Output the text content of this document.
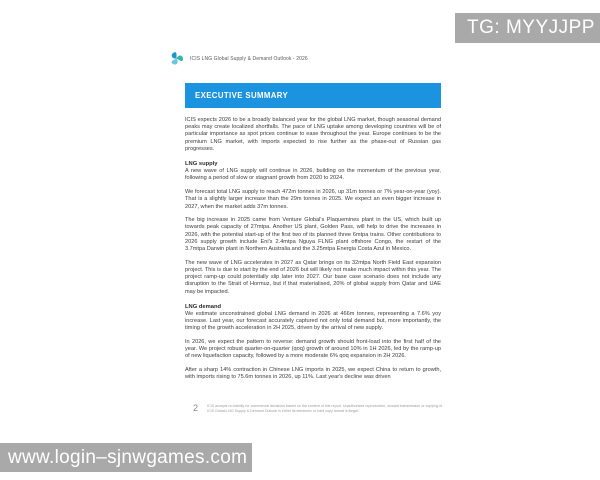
ICIS LNG Global Supply & Demand Outlook - 2026
EXECUTIVE SUMMARY

ICIS expects 2026 to be a broadly balanced year for the global LNG market, though seasonal demand peaks may create localized shortfalls. The pace of LNG uptake among developing countries will be of particular importance as spot prices continue to ease throughout the year. Europe continues to be the premium LNG market, with imports expected to rise further as the phase-out of Russian gas progresses.

LNG supply

A new wave of LNG supply will continue in 2026, building on the momentum of the previous year, following a period of slow or stagnant growth from 2020 to 2024.

We forecast total LNG supply to reach 472m tonnes in 2026, up 31m tonnes or 7% year-on-year (yoy). That is a slightly larger increase than the 29m tonnes in 2025. We expect an even bigger increase in 2027, when the market adds 37m tonnes.

The big increase in 2025 came from Venture Global's Plaquemines plant in the US, which built up towards peak capacity of 27mtpa. Another US plant, Golden Pass, will help to drive the increases in 2026, with the potential start-up of the first two of its planned three 6mtpa trains. Other contributions to 2026 supply growth include Eni's 2.4mtpa Nguya FLNG plant offshore Congo, the restart of the 3.7mtpa Darwin plant in Northern Australia and the 3.25mtpa Energia Costa Azul in Mexico.

The new wave of LNG accelerates in 2027 as Qatar brings on its 32mtpa North Field East expansion project. This is due to start by the end of 2026 but will likely not make much impact within this year. The project ramp-up could potentially slip later into 2027. Our base case scenario does not include any disruption to the Strait of Hormuz, but if that materialised, 20% of global supply from Qatar and UAE may be impacted.

LNG demand

We estimate unconstrained global LNG demand in 2026 at 466m tonnes, representing a 7.6% yoy increase. Last year, our forecast accurately captured not only total demand but, more importantly, the timing of the growth acceleration in 2H 2025, driven by the arrival of new supply.

In 2026, we expect the pattern to reverse: demand growth should front-load into the first half of the year. We project robust quarter-on-quarter (qoq) growth of around 10% in 1H 2026, led by the ramp-up of new liquefaction capacity, followed by a more moderate 6% qoq expansion in 2H 2026.

After a sharp 14% contraction in Chinese LNG imports in 2025, we expect China to return to growth, with imports rising to 75.6m tonnes in 2026, up 11%. Last year's decline was driven

2	ICIS accepts no liability for commercial decisions based on the content of this report. Unauthorised reproduction, onward transmission or copying of ICIS Global LNG Supply & Demand Outlook in either its electronic or hard copy format is illegal.
TG: MYYJJPP
www.login–sjnwgames.com
